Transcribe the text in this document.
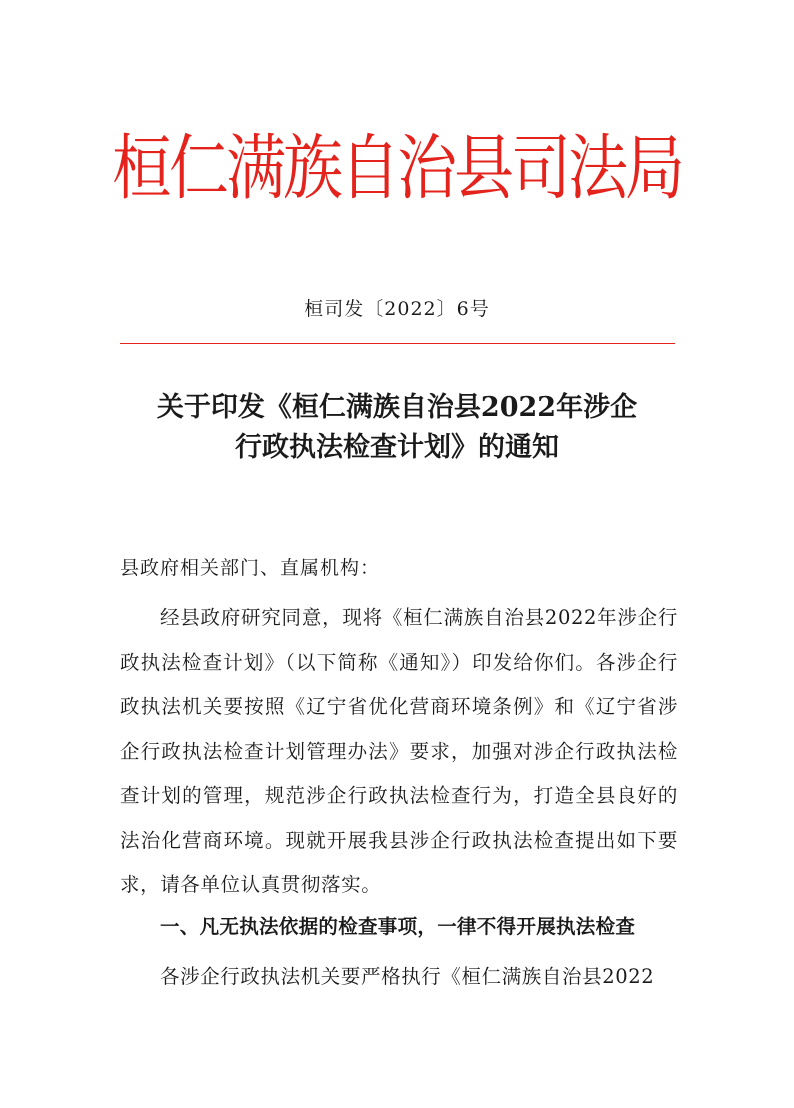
桓仁满族自治县司法局
桓司发〔2022〕6号
关于印发《桓仁满族自治县2022年涉企
行政执法检查计划》的通知
县政府相关部门、直属机构：

经县政府研究同意，现将《桓仁满族自治县2022年涉企行政执法检查计划》（以下简称《通知》）印发给你们。各涉企行政执法机关要按照《辽宁省优化营商环境条例》和《辽宁省涉企行政执法检查计划管理办法》要求，加强对涉企行政执法检查计划的管理，规范涉企行政执法检查行为，打造全县良好的法治化营商环境。现就开展我县涉企行政执法检查提出如下要求，请各单位认真贯彻落实。

一、凡无执法依据的检查事项，一律不得开展执法检查
各涉企行政执法机关要严格执行《桓仁满族自治县2022
